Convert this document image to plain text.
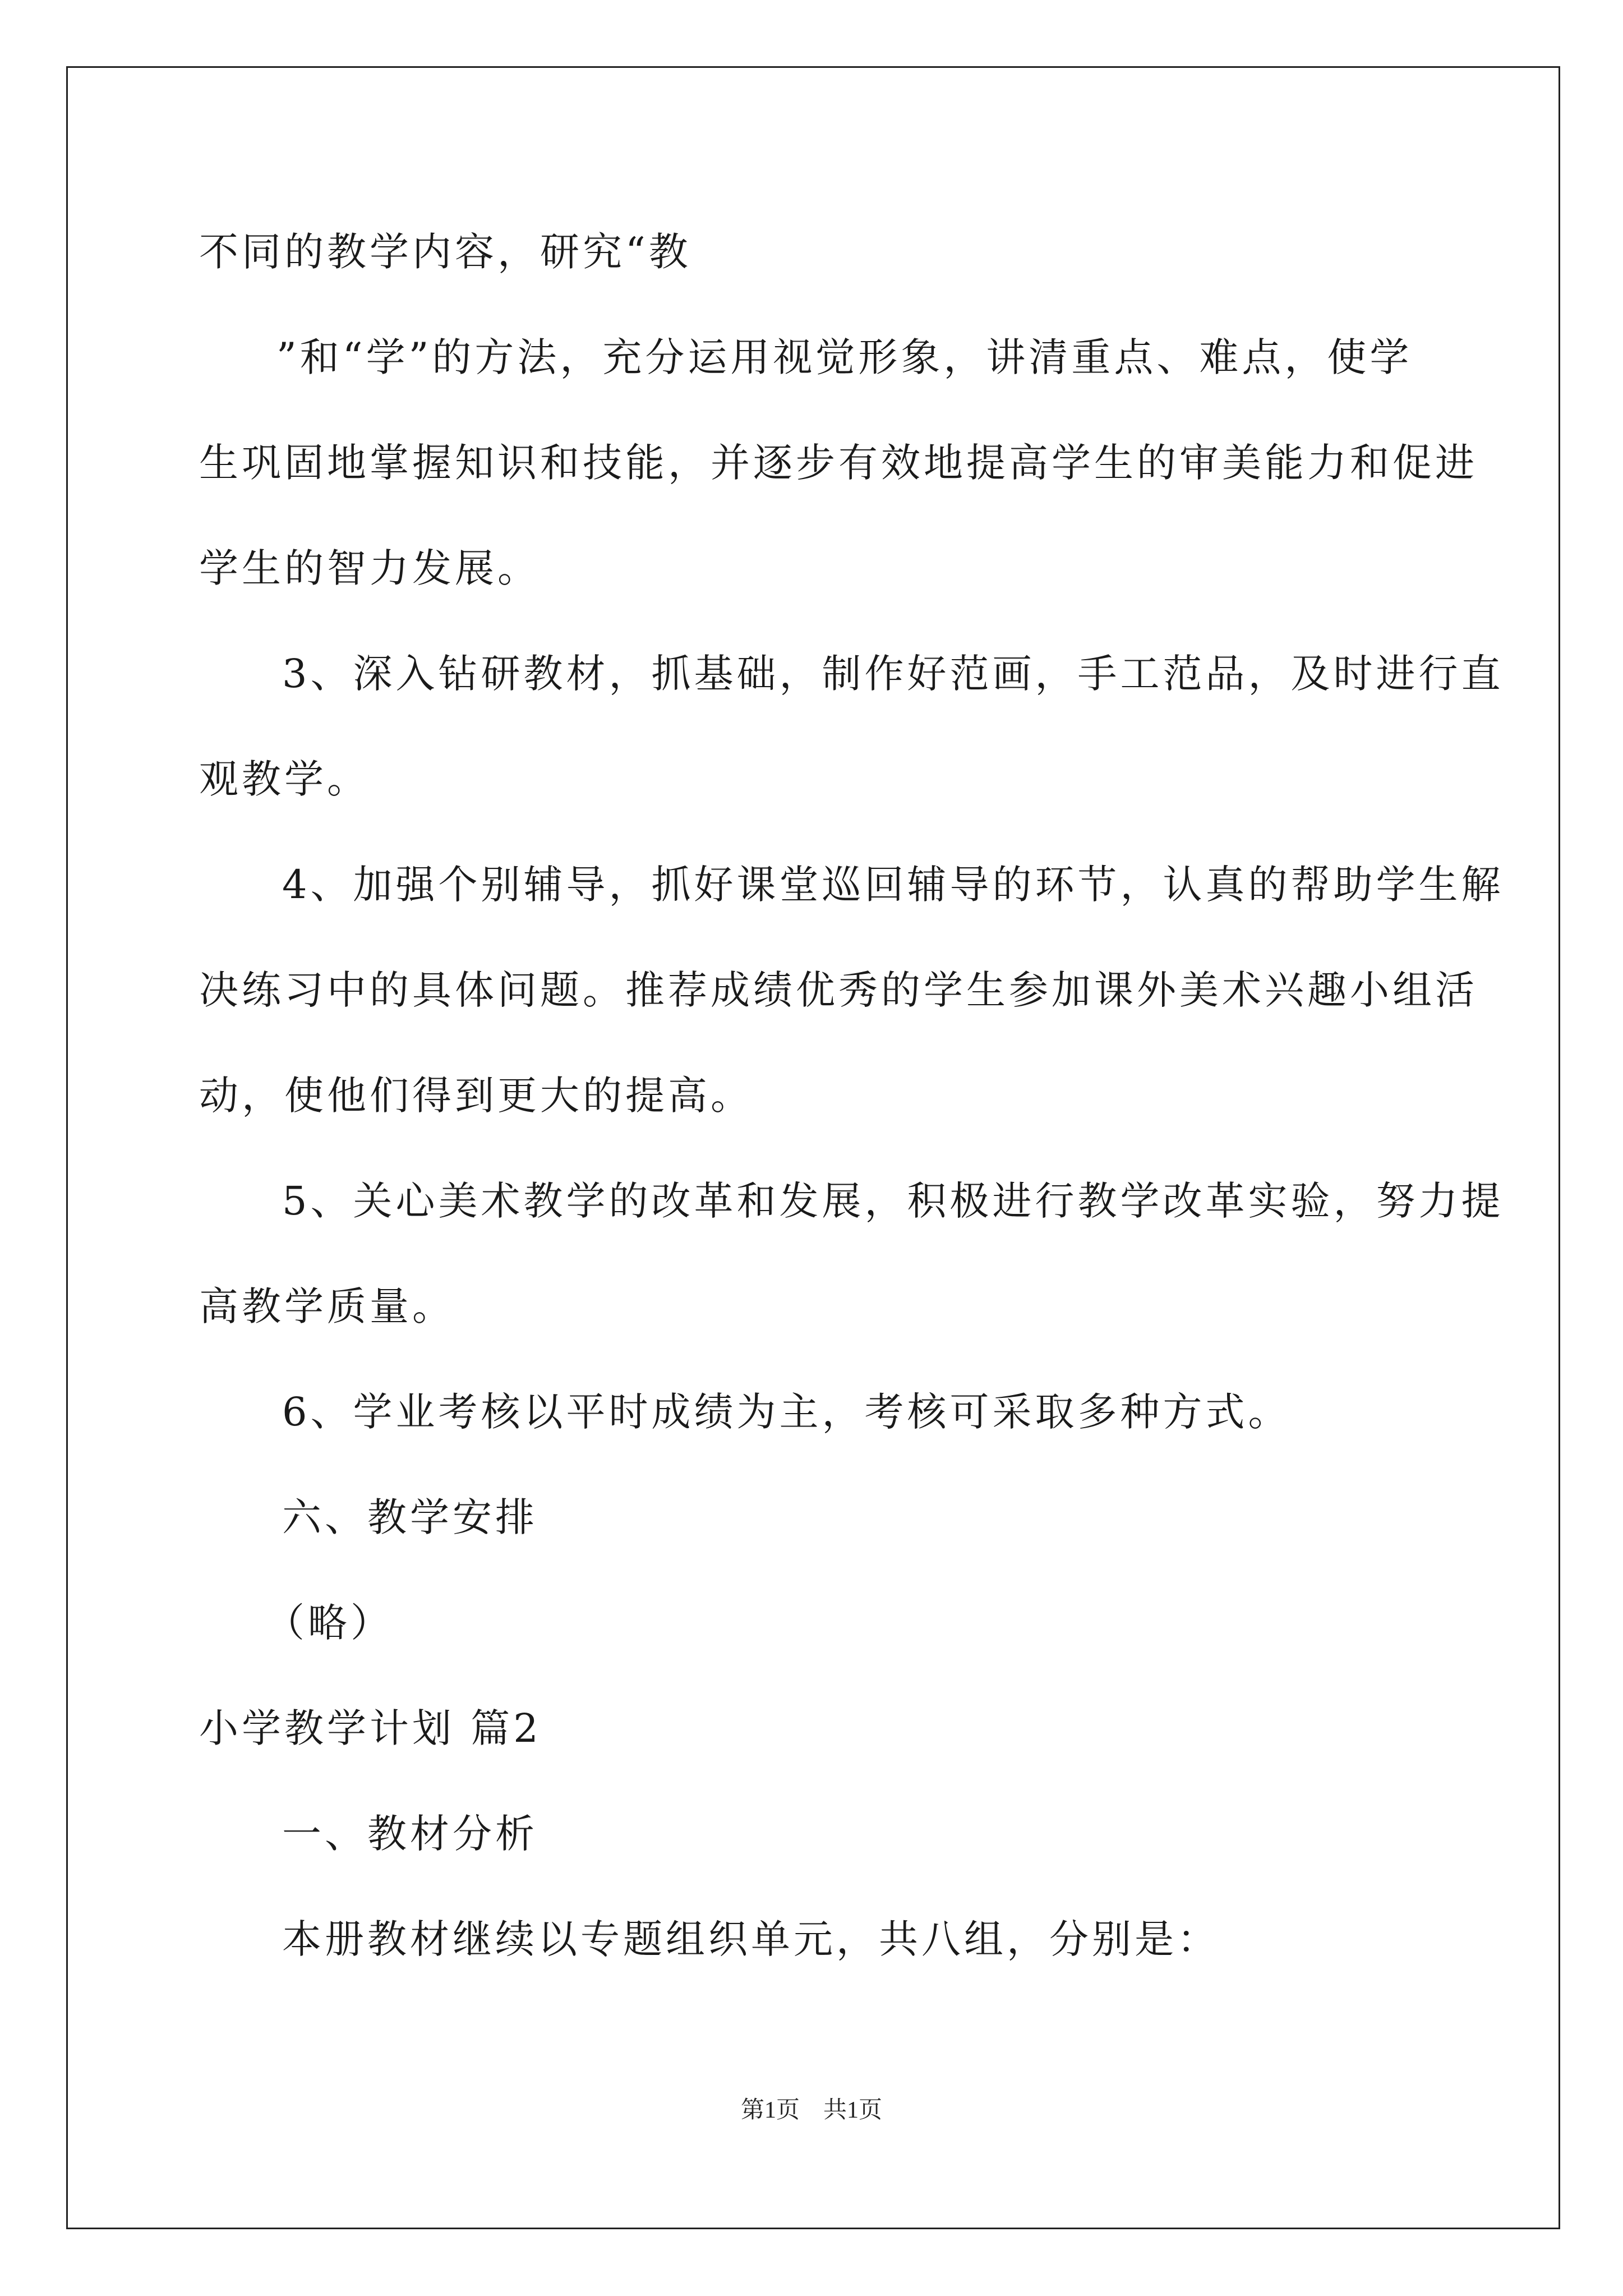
不同的教学内容，研究“教
”和“学”的方法，充分运用视觉形象，讲清重点、难点，使学
生巩固地掌握知识和技能，并逐步有效地提高学生的审美能力和促进
学生的智力发展。
3、深入钻研教材，抓基础，制作好范画，手工范品，及时进行直
观教学。
4、加强个别辅导，抓好课堂巡回辅导的环节，认真的帮助学生解
决练习中的具体问题。推荐成绩优秀的学生参加课外美术兴趣小组活
动，使他们得到更大的提高。
5、关心美术教学的改革和发展，积极进行教学改革实验，努力提
高教学质量。
6、学业考核以平时成绩为主，考核可采取多种方式。
六、教学安排
（略）
小学教学计划 篇2
一、教材分析
本册教材继续以专题组织单元，共八组，分别是：
第1页　共1页
